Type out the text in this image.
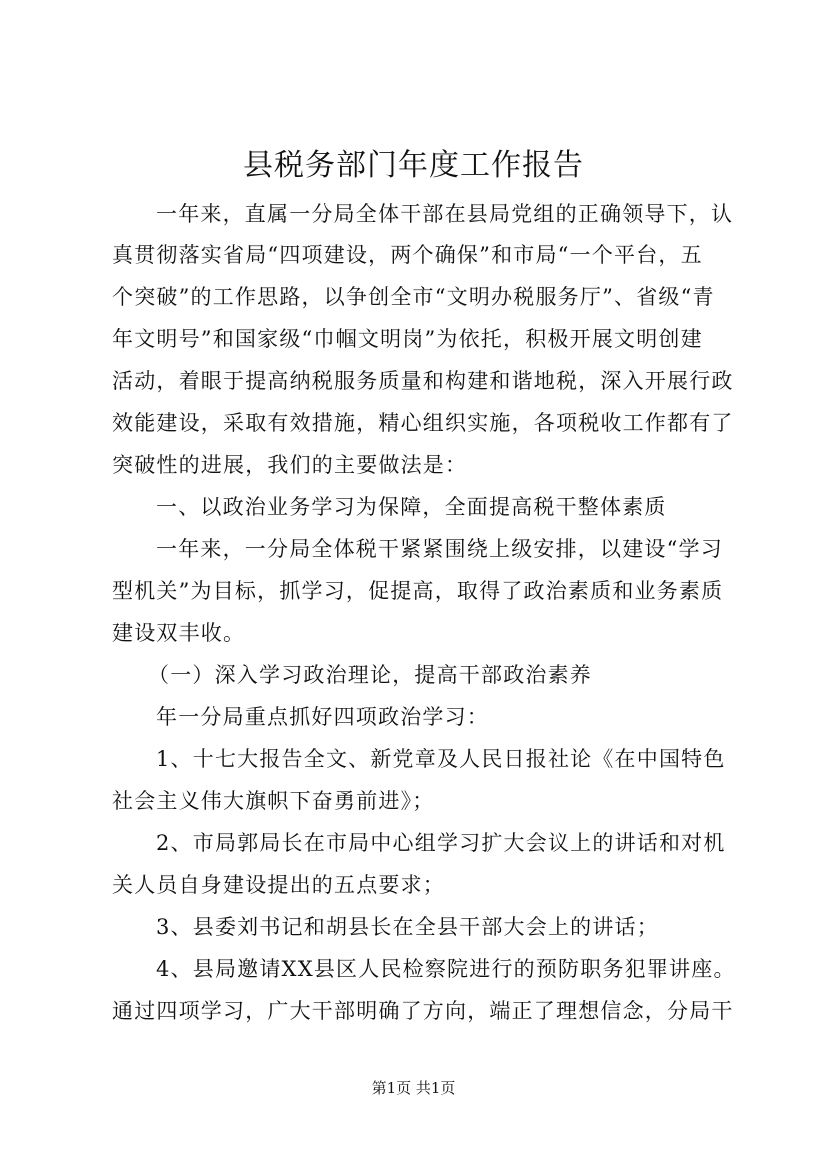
县税务部门年度工作报告
一年来，直属一分局全体干部在县局党组的正确领导下，认
真贯彻落实省局“四项建设，两个确保”和市局“一个平台，五
个突破”的工作思路，以争创全市“文明办税服务厅”、省级“青
年文明号”和国家级“巾帼文明岗”为依托，积极开展文明创建
活动，着眼于提高纳税服务质量和构建和谐地税，深入开展行政
效能建设，采取有效措施，精心组织实施，各项税收工作都有了
突破性的进展，我们的主要做法是：
一、以政治业务学习为保障，全面提高税干整体素质
一年来，一分局全体税干紧紧围绕上级安排，以建设“学习
型机关”为目标，抓学习，促提高，取得了政治素质和业务素质
建设双丰收。
（一）深入学习政治理论，提高干部政治素养
年一分局重点抓好四项政治学习：
1、十七大报告全文、新党章及人民日报社论《在中国特色
社会主义伟大旗帜下奋勇前进》；
2、市局郭局长在市局中心组学习扩大会议上的讲话和对机
关人员自身建设提出的五点要求；
3、县委刘书记和胡县长在全县干部大会上的讲话；
4、县局邀请XX县区人民检察院进行的预防职务犯罪讲座。
通过四项学习，广大干部明确了方向，端正了理想信念，分局干
第1页 共1页
